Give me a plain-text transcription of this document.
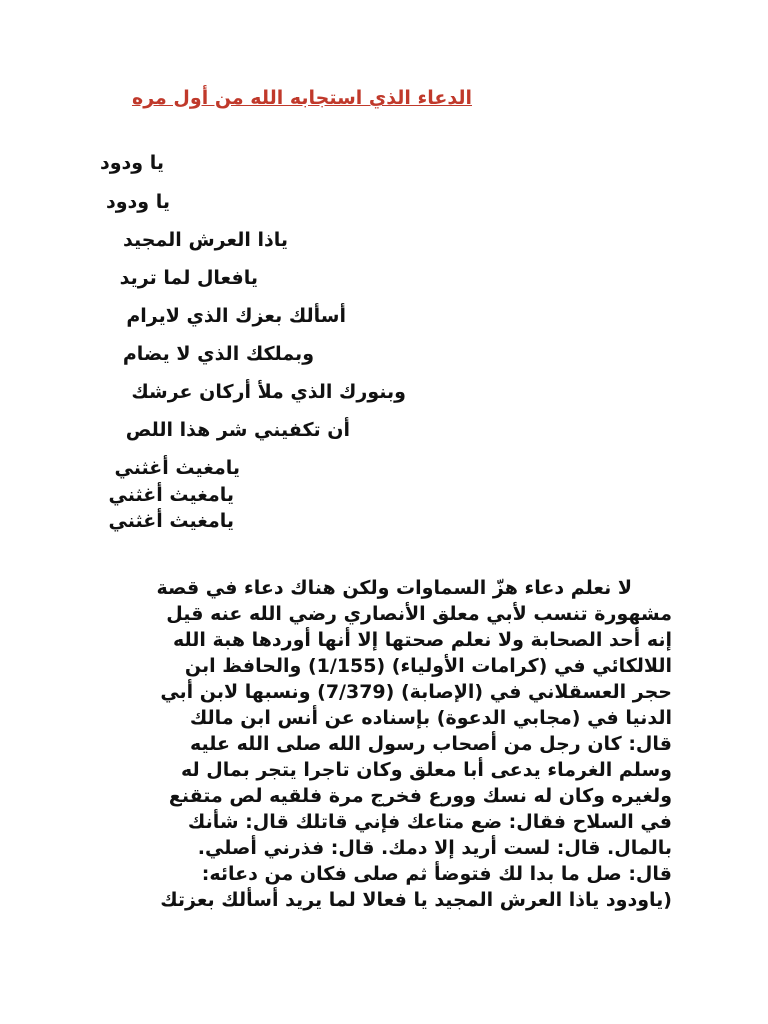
الدعاء الذي استجابه الله من أول مره
يا ودود
يا ودود
ياذا العرش المجيد
يافعال لما تريد
أسألك بعزك الذي لايرام
وبملكك الذي لا يضام
وبنورك الذي ملأ أركان عرشك
أن تكفيني شر هذا اللص
يامغيث أغثني
يامغيث أغثني
يامغيث أغثني
لا نعلم دعاء هزّ السماوات ولكن هناك دعاء في قصة
مشهورة تنسب لأبي معلق الأنصاري رضي الله عنه قيل
إنه أحد الصحابة ولا نعلم صحتها إلا أنها أوردها هبة الله
اللالكائي في (كرامات الأولياء) (1/155) والحافظ ابن
حجر العسقلاني في (الإصابة) (7/379) ونسبها لابن أبي
الدنيا في (مجابي الدعوة) بإسناده عن أنس ابن مالك
قال: كان رجل من أصحاب رسول الله صلى الله عليه
وسلم الغرماء يدعى أبا معلق وكان تاجرا يتجر بمال له
ولغيره وكان له نسك وورع فخرج مرة فلقيه لص متقنع
في السلاح فقال: ضع متاعك فإني قاتلك قال: شأنك
بالمال. قال: لست أريد إلا دمك. قال: فذرني أصلي.
قال: صل ما بدا لك فتوضأ ثم صلى فكان من دعائه:
(ياودود ياذا العرش المجيد يا فعالا لما يريد أسألك بعزتك
